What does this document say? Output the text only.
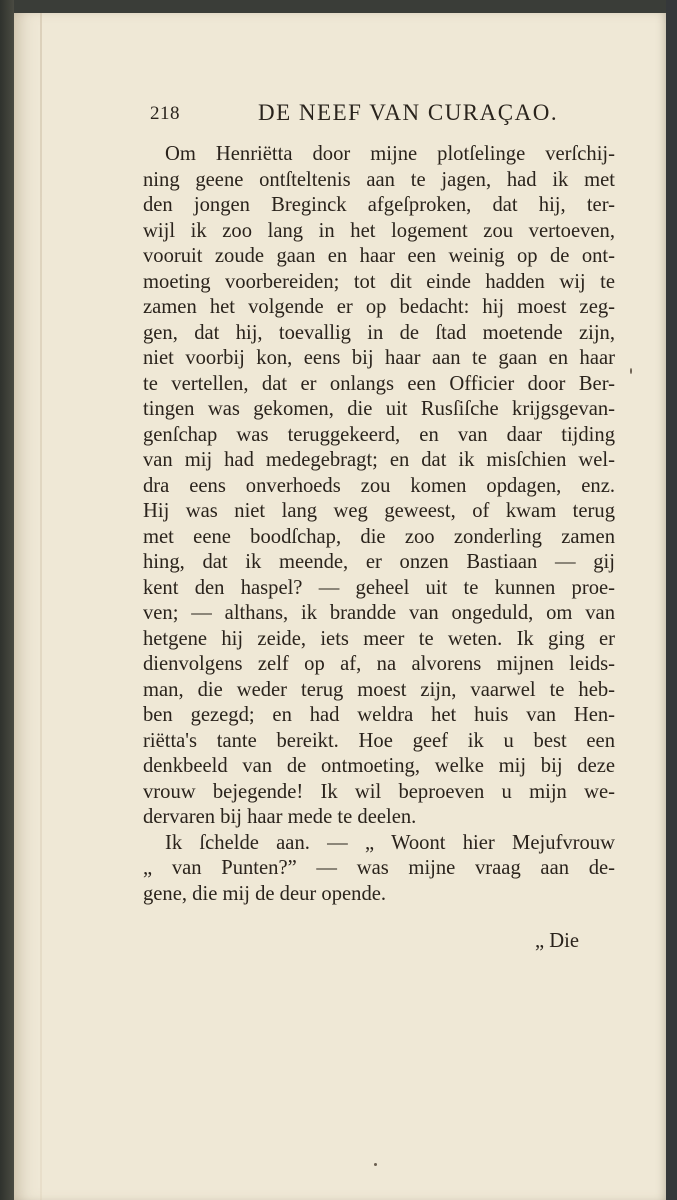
218	DE NEEF VAN CURAÇAO.
Om Henriëtta door mijne plotſelinge verſchij-
ning geene ontſteltenis aan te jagen, had ik met
den jongen Breginck afgeſproken, dat hij, ter-
wijl ik zoo lang in het logement zou vertoeven,
vooruit zoude gaan en haar een weinig op de ont-
moeting voorbereiden; tot dit einde hadden wij te
zamen het volgende er op bedacht: hij moest zeg-
gen, dat hij, toevallig in de ſtad moetende zijn,
niet voorbij kon, eens bij haar aan te gaan en haar
te vertellen, dat er onlangs een Officier door Ber-
tingen was gekomen, die uit Rusſiſche krijgsgevan-
genſchap was teruggekeerd, en van daar tijding
van mij had medegebragt; en dat ik misſchien wel-
dra eens onverhoeds zou komen opdagen, enz.
Hij was niet lang weg geweest, of kwam terug
met eene boodſchap, die zoo zonderling zamen
hing, dat ik meende, er onzen Bastiaan — gij
kent den haspel? — geheel uit te kunnen proe-
ven; — althans, ik brandde van ongeduld, om van
hetgene hij zeide, iets meer te weten. Ik ging er
dienvolgens zelf op af, na alvorens mijnen leids-
man, die weder terug moest zijn, vaarwel te heb-
ben gezegd; en had weldra het huis van Hen-
riëtta's tante bereikt. Hoe geef ik u best een
denkbeeld van de ontmoeting, welke mij bij deze
vrouw bejegende! Ik wil beproeven u mijn we-
dervaren bij haar mede te deelen.
Ik ſchelde aan. — „ Woont hier Mejufvrouw
„ van Punten?” — was mijne vraag aan de-
gene, die mij de deur opende.
„ Die
